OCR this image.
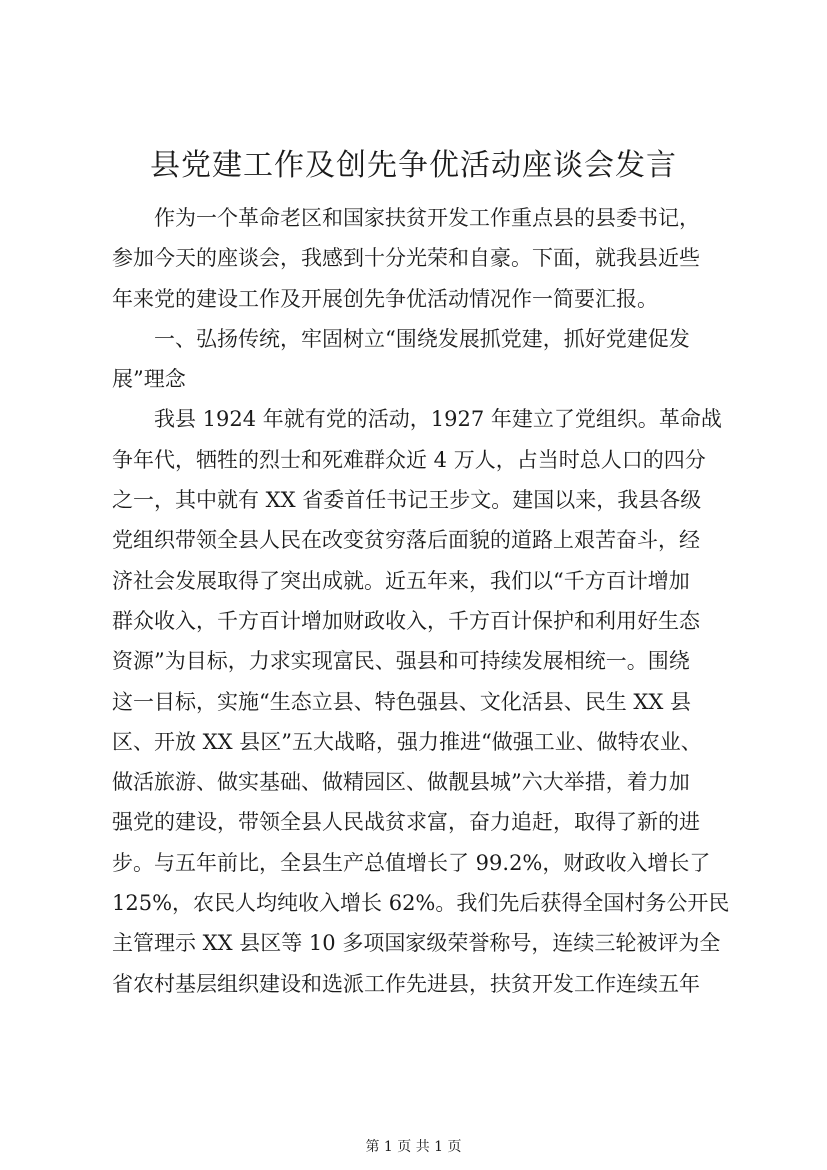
县党建工作及创先争优活动座谈会发言
　　作为一个革命老区和国家扶贫开发工作重点县的县委书记，
参加今天的座谈会，我感到十分光荣和自豪。下面，就我县近些
年来党的建设工作及开展创先争优活动情况作一简要汇报。
　　一、弘扬传统，牢固树立“围绕发展抓党建，抓好党建促发
展”理念
　　我县 1924 年就有党的活动，1927 年建立了党组织。革命战
争年代，牺牲的烈士和死难群众近 4 万人，占当时总人口的四分
之一，其中就有 XX 省委首任书记王步文。建国以来，我县各级
党组织带领全县人民在改变贫穷落后面貌的道路上艰苦奋斗，经
济社会发展取得了突出成就。近五年来，我们以“千方百计增加
群众收入，千方百计增加财政收入，千方百计保护和利用好生态
资源”为目标，力求实现富民、强县和可持续发展相统一。围绕
这一目标，实施“生态立县、特色强县、文化活县、民生 XX 县
区、开放 XX 县区”五大战略，强力推进“做强工业、做特农业、
做活旅游、做实基础、做精园区、做靓县城”六大举措，着力加
强党的建设，带领全县人民战贫求富，奋力追赶，取得了新的进
步。与五年前比，全县生产总值增长了 99.2%，财政收入增长了
125%，农民人均纯收入增长 62%。我们先后获得全国村务公开民
主管理示 XX 县区等 10 多项国家级荣誉称号，连续三轮被评为全
省农村基层组织建设和选派工作先进县，扶贫开发工作连续五年
第 1 页 共 1 页
